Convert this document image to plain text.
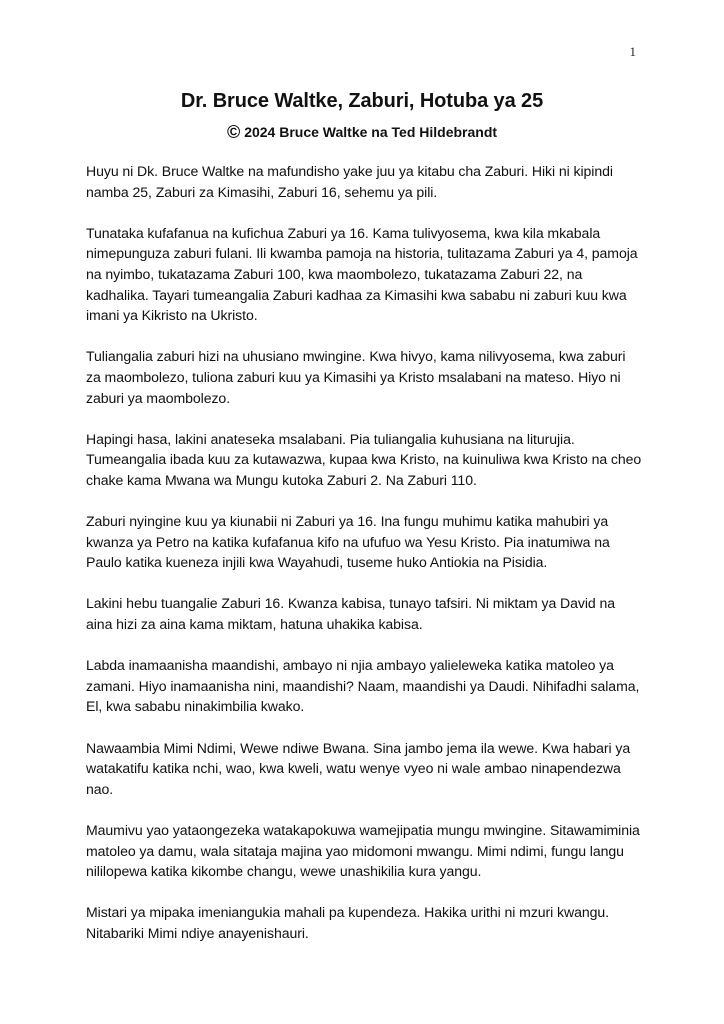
1
Dr. Bruce Waltke, Zaburi, Hotuba ya 25
© 2024 Bruce Waltke na Ted Hildebrandt

Huyu ni Dk. Bruce Waltke na mafundisho yake juu ya kitabu cha Zaburi. Hiki ni kipindi namba 25, Zaburi za Kimasihi, Zaburi 16, sehemu ya pili.

Tunataka kufafanua na kufichua Zaburi ya 16. Kama tulivyosema, kwa kila mkabala nimepunguza zaburi fulani. Ili kwamba pamoja na historia, tulitazama Zaburi ya 4, pamoja na nyimbo, tukatazama Zaburi 100, kwa maombolezo, tukatazama Zaburi 22, na kadhalika. Tayari tumeangalia Zaburi kadhaa za Kimasihi kwa sababu ni zaburi kuu kwa imani ya Kikristo na Ukristo.

Tuliangalia zaburi hizi na uhusiano mwingine. Kwa hivyo, kama nilivyosema, kwa zaburi za maombolezo, tuliona zaburi kuu ya Kimasihi ya Kristo msalabani na mateso. Hiyo ni zaburi ya maombolezo.

Hapingi hasa, lakini anateseka msalabani. Pia tuliangalia kuhusiana na liturujia. Tumeangalia ibada kuu za kutawazwa, kupaa kwa Kristo, na kuinuliwa kwa Kristo na cheo chake kama Mwana wa Mungu kutoka Zaburi 2. Na Zaburi 110.

Zaburi nyingine kuu ya kiunabii ni Zaburi ya 16. Ina fungu muhimu katika mahubiri ya kwanza ya Petro na katika kufafanua kifo na ufufuo wa Yesu Kristo. Pia inatumiwa na Paulo katika kueneza injili kwa Wayahudi, tuseme huko Antiokia na Pisidia.

Lakini hebu tuangalie Zaburi 16. Kwanza kabisa, tunayo tafsiri. Ni miktam ya David na aina hizi za aina kama miktam, hatuna uhakika kabisa.

Labda inamaanisha maandishi, ambayo ni njia ambayo yalieleweka katika matoleo ya zamani. Hiyo inamaanisha nini, maandishi? Naam, maandishi ya Daudi. Nihifadhi salama, El, kwa sababu ninakimbilia kwako.

Nawaambia Mimi Ndimi, Wewe ndiwe Bwana. Sina jambo jema ila wewe. Kwa habari ya watakatifu katika nchi, wao, kwa kweli, watu wenye vyeo ni wale ambao ninapendezwa nao.

Maumivu yao yataongezeka watakapokuwa wamejipatia mungu mwingine. Sitawamiminia matoleo ya damu, wala sitataja majina yao midomoni mwangu. Mimi ndimi, fungu langu nililopewa katika kikombe changu, wewe unashikilia kura yangu.

Mistari ya mipaka imeniangukia mahali pa kupendeza. Hakika urithi ni mzuri kwangu. Nitabariki Mimi ndiye anayenishauri.
